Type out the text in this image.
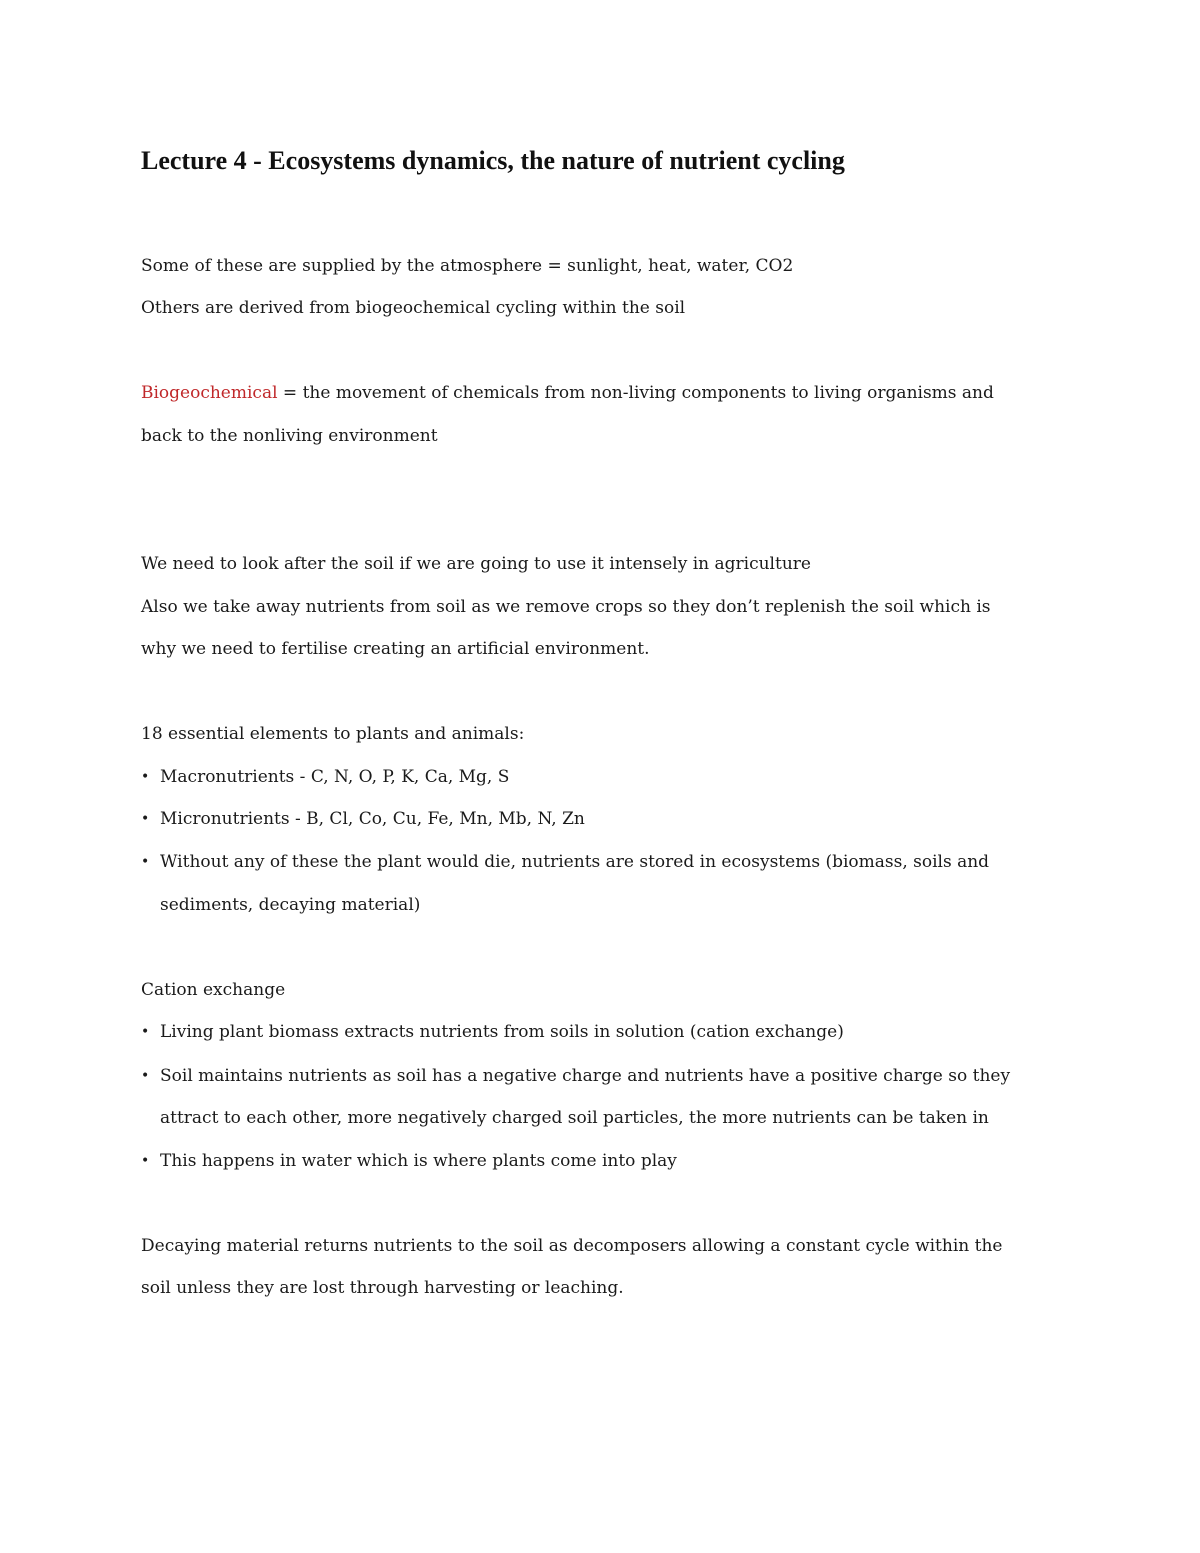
Lecture 4 - Ecosystems dynamics, the nature of nutrient cycling
Some of these are supplied by the atmosphere = sunlight, heat, water, CO2
Others are derived from biogeochemical cycling within the soil
Biogeochemical = the movement of chemicals from non-living components to living organisms and
back to the nonliving environment
We need to look after the soil if we are going to use it intensely in agriculture
Also we take away nutrients from soil as we remove crops so they don’t replenish the soil which is
why we need to fertilise creating an artificial environment.
18 essential elements to plants and animals:
• Macronutrients - C, N, O, P, K, Ca, Mg, S
• Micronutrients - B, Cl, Co, Cu, Fe, Mn, Mb, N, Zn
• Without any of these the plant would die, nutrients are stored in ecosystems (biomass, soils and
sediments, decaying material)
Cation exchange
• Living plant biomass extracts nutrients from soils in solution (cation exchange)
• Soil maintains nutrients as soil has a negative charge and nutrients have a positive charge so they
attract to each other, more negatively charged soil particles, the more nutrients can be taken in
• This happens in water which is where plants come into play
Decaying material returns nutrients to the soil as decomposers allowing a constant cycle within the
soil unless they are lost through harvesting or leaching.
